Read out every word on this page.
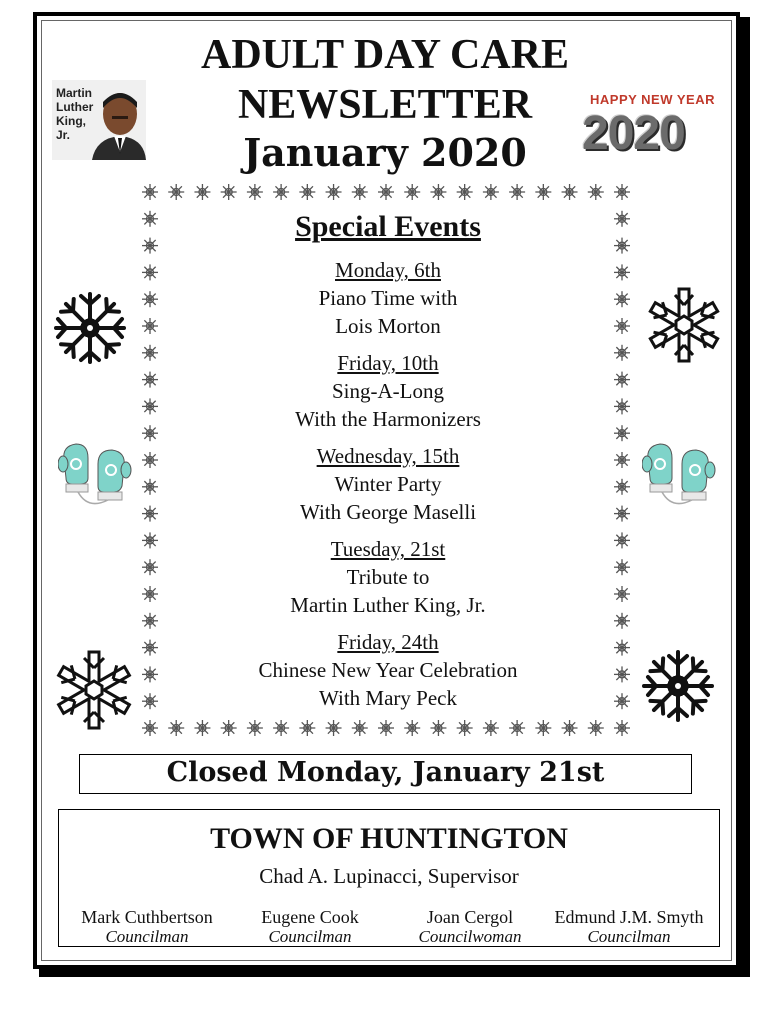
ADULT DAY CARE
NEWSLETTER
January 2020
Martin Luther King, Jr.
HAPPY NEW YEAR
2020
Special Events
Monday, 6th
Piano Time with
Lois Morton
Friday, 10th
Sing-A-Long
With the Harmonizers
Wednesday, 15th
Winter Party
With George Maselli
Tuesday, 21st
Tribute to
Martin Luther King, Jr.
Friday, 24th
Chinese New Year Celebration
With Mary Peck
Closed Monday, January 21st
TOWN OF HUNTINGTON
Chad A. Lupinacci, Supervisor
Mark Cuthbertson
Councilman
Eugene Cook
Councilman
Joan Cergol
Councilwoman
Edmund J.M. Smyth
Councilman
